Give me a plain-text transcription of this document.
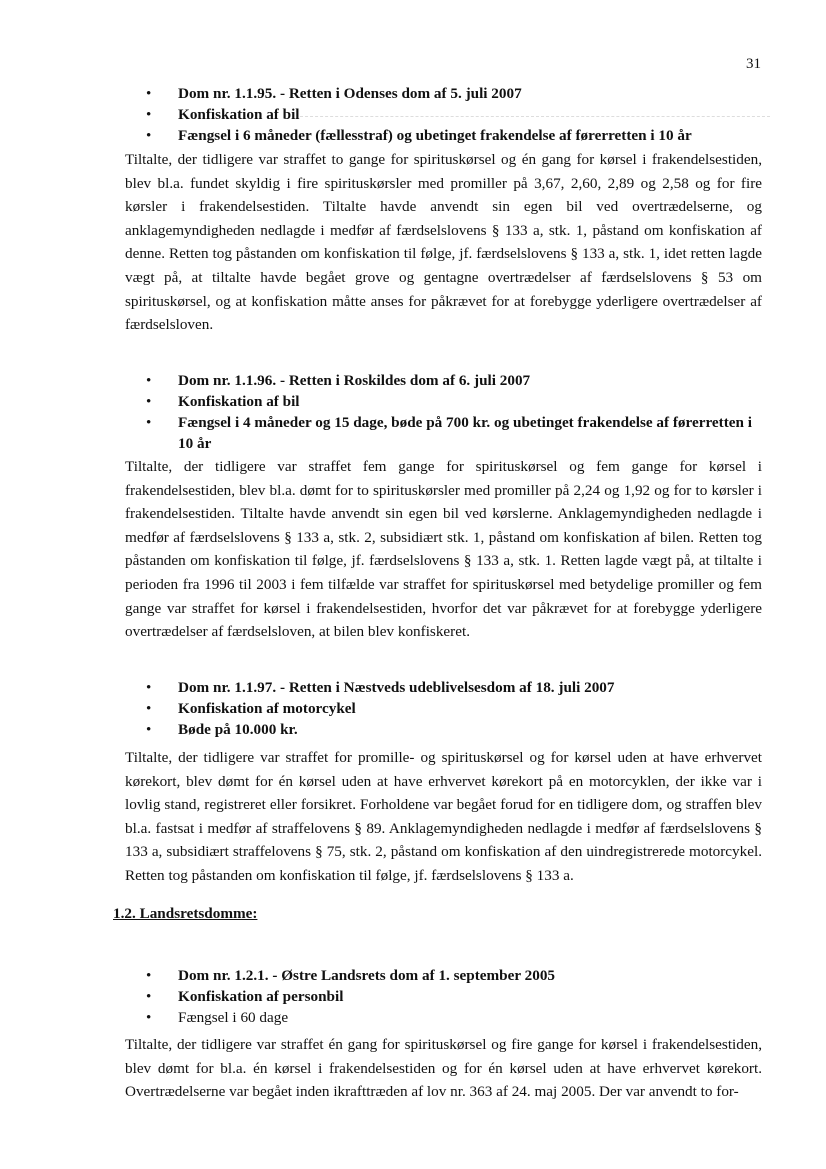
31
• Dom nr. 1.1.95. - Retten i Odenses dom af 5. juli 2007
• Konfiskation af bil
• Fængsel i 6 måneder (fællesstraf) og ubetinget frakendelse af førerretten i 10 år

Tiltalte, der tidligere var straffet to gange for spirituskørsel og én gang for kørsel i frakendelsestiden, blev bl.a. fundet skyldig i fire spirituskørsler med promiller på 3,67, 2,60, 2,89 og 2,58 og for fire kørsler i frakendelsestiden. Tiltalte havde anvendt sin egen bil ved overtrædelserne, og anklagemyndigheden nedlagde i medfør af færdselslovens § 133 a, stk. 1, påstand om konfiskation af denne. Retten tog påstanden om konfiskation til følge, jf. færdselslovens § 133 a, stk. 1, idet retten lagde vægt på, at tiltalte havde begået grove og gentagne overtrædelser af færdselslovens § 53 om spirituskørsel, og at konfiskation måtte anses for påkrævet for at forebygge yderligere overtrædelser af færdselsloven.

• Dom nr. 1.1.96. - Retten i Roskildes dom af 6. juli 2007
• Konfiskation af bil
• Fængsel i 4 måneder og 15 dage, bøde på 700 kr. og ubetinget frakendelse af førerretten i 10 år

Tiltalte, der tidligere var straffet fem gange for spirituskørsel og fem gange for kørsel i frakendelsestiden, blev bl.a. dømt for to spirituskørsler med promiller på 2,24 og 1,92 og for to kørsler i frakendelsestiden. Tiltalte havde anvendt sin egen bil ved kørslerne. Anklagemyndigheden nedlagde i medfør af færdselslovens § 133 a, stk. 2, subsidiært stk. 1, påstand om konfiskation af bilen. Retten tog påstanden om konfiskation til følge, jf. færdselslovens § 133 a, stk. 1. Retten lagde vægt på, at tiltalte i perioden fra 1996 til 2003 i fem tilfælde var straffet for spirituskørsel med betydelige promiller og fem gange var straffet for kørsel i frakendelsestiden, hvorfor det var påkrævet for at forebygge yderligere overtrædelser af færdselsloven, at bilen blev konfiskeret.

• Dom nr. 1.1.97. - Retten i Næstveds udeblivelsesdom af 18. juli 2007
• Konfiskation af motorcykel
• Bøde på 10.000 kr.

Tiltalte, der tidligere var straffet for promille- og spirituskørsel og for kørsel uden at have erhvervet kørekort, blev dømt for én kørsel uden at have erhvervet kørekort på en motorcyklen, der ikke var i lovlig stand, registreret eller forsikret. Forholdene var begået forud for en tidligere dom, og straffen blev bl.a. fastsat i medfør af straffelovens § 89. Anklagemyndigheden nedlagde i medfør af færdselslovens § 133 a, subsidiært straffelovens § 75, stk. 2, påstand om konfiskation af den uindregistrerede motorcykel. Retten tog påstanden om konfiskation til følge, jf. færdselslovens § 133 a.

1.2. Landsretsdomme:
• Dom nr. 1.2.1. - Østre Landsrets dom af 1. september 2005
• Konfiskation af personbil
• Fængsel i 60 dage

Tiltalte, der tidligere var straffet én gang for spirituskørsel og fire gange for kørsel i frakendelsestiden, blev dømt for bl.a. én kørsel i frakendelsestiden og for én kørsel uden at have erhvervet kørekort. Overtrædelserne var begået inden ikrafttræden af lov nr. 363 af 24. maj 2005. Der var anvendt to for-
